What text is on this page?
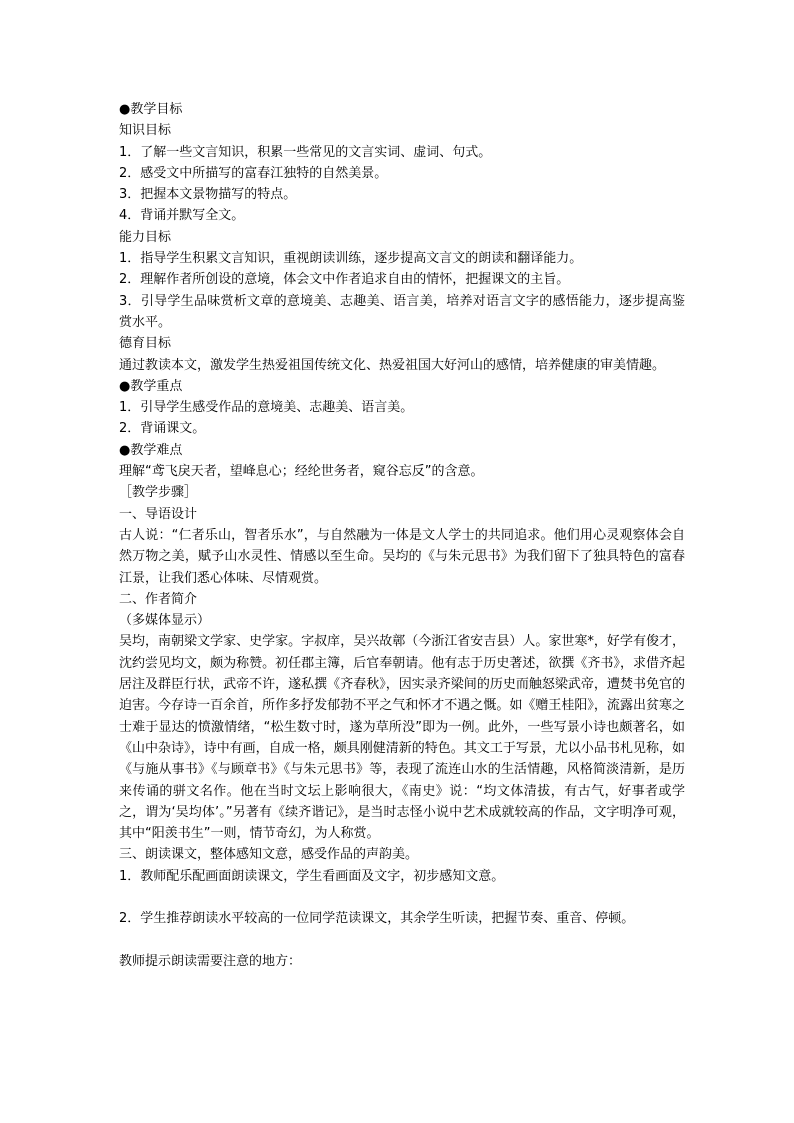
●教学目标

知识目标

1．了解一些文言知识，积累一些常见的文言实词、虚词、句式。

2．感受文中所描写的富春江独特的自然美景。

3．把握本文景物描写的特点。

4．背诵并默写全文。

能力目标

1．指导学生积累文言知识，重视朗读训练，逐步提高文言文的朗读和翻译能力。

2．理解作者所创设的意境，体会文中作者追求自由的情怀，把握课文的主旨。

3．引导学生品味赏析文章的意境美、志趣美、语言美，培养对语言文字的感悟能力，逐步提高鉴赏水平。

德育目标

通过教读本文，激发学生热爱祖国传统文化、热爱祖国大好河山的感情，培养健康的审美情趣。

●教学重点

1．引导学生感受作品的意境美、志趣美、语言美。

2．背诵课文。

●教学难点

理解“鸢飞戾天者，望峰息心；经纶世务者，窥谷忘反”的含意。

［教学步骤］

一、导语设计

古人说：“仁者乐山，智者乐水”，与自然融为一体是文人学士的共同追求。他们用心灵观察体会自然万物之美，赋予山水灵性、情感以至生命。吴均的《与朱元思书》为我们留下了独具特色的富春江景，让我们悉心体味、尽情观赏。

二、作者简介

（多媒体显示）

吴均，南朝梁文学家、史学家。字叔庠，吴兴故鄣（今浙江省安吉县）人。家世寒*，好学有俊才，沈约尝见均文，颇为称赞。初任郡主簿，后官奉朝请。他有志于历史著述，欲撰《齐书》，求借齐起居注及群臣行状，武帝不许，遂私撰《齐春秋》，因实录齐梁间的历史而触怒梁武帝，遭焚书免官的迫害。今存诗一百余首，所作多抒发郁勃不平之气和怀才不遇之慨。如《赠王桂阳》，流露出贫寒之士难于显达的愤激情绪，“松生数寸时，遂为草所没”即为一例。此外，一些写景小诗也颇著名，如《山中杂诗》，诗中有画，自成一格，颇具刚健清新的特色。其文工于写景，尤以小品书札见称，如《与施从事书》《与顾章书》《与朱元思书》等，表现了流连山水的生活情趣，风格简淡清新，是历来传诵的骈文名作。他在当时文坛上影响很大，《南史》说：“均文体清拔，有古气，好事者或学之，谓为‘吴均体’。”另著有《续齐谐记》，是当时志怪小说中艺术成就较高的作品，文字明净可观，其中“阳羡书生”一则，情节奇幻，为人称赏。

三、朗读课文，整体感知文意，感受作品的声韵美。

1．教师配乐配画面朗读课文，学生看画面及文字，初步感知文意。

2．学生推荐朗读水平较高的一位同学范读课文，其余学生听读，把握节奏、重音、停顿。

教师提示朗读需要注意的地方：
